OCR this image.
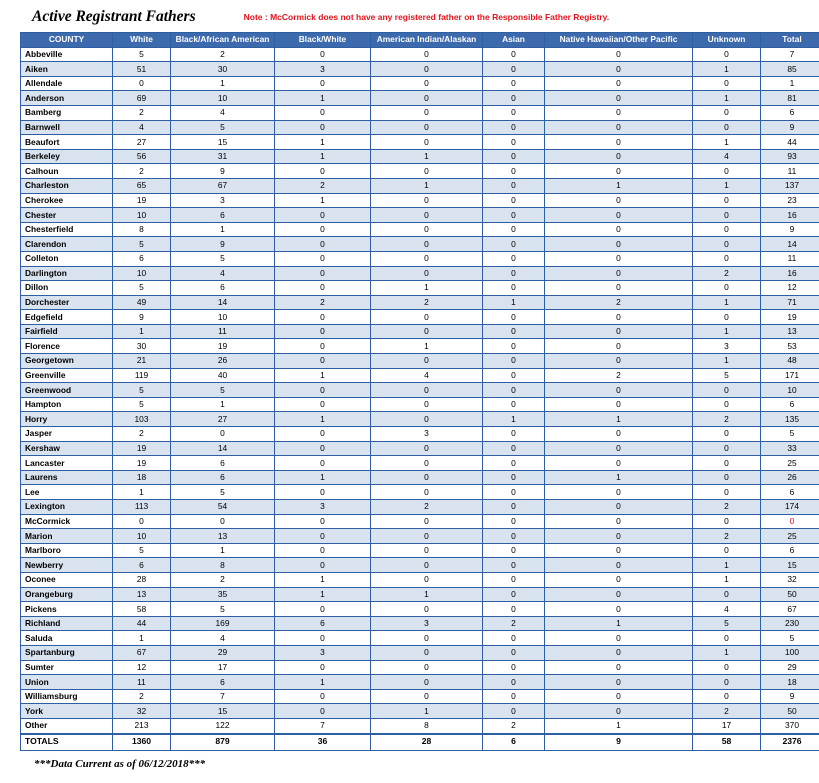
Active Registrant Fathers	Note : McCormick does not have any registered father on the Responsible Father Registry.
COUNTY	White	Black/African American	Black/White	American Indian/Alaskan	Asian	Native Hawaiian/Other Pacific	Unknown	Total
Abbeville	5	2	0	0	0	0	0	7
Aiken	51	30	3	0	0	0	1	85
Allendale	0	1	0	0	0	0	0	1
Anderson	69	10	1	0	0	0	1	81
Bamberg	2	4	0	0	0	0	0	6
Barnwell	4	5	0	0	0	0	0	9
Beaufort	27	15	1	0	0	0	1	44
Berkeley	56	31	1	1	0	0	4	93
Calhoun	2	9	0	0	0	0	0	11
Charleston	65	67	2	1	0	1	1	137
Cherokee	19	3	1	0	0	0	0	23
Chester	10	6	0	0	0	0	0	16
Chesterfield	8	1	0	0	0	0	0	9
Clarendon	5	9	0	0	0	0	0	14
Colleton	6	5	0	0	0	0	0	11
Darlington	10	4	0	0	0	0	2	16
Dillon	5	6	0	1	0	0	0	12
Dorchester	49	14	2	2	1	2	1	71
Edgefield	9	10	0	0	0	0	0	19
Fairfield	1	11	0	0	0	0	1	13
Florence	30	19	0	1	0	0	3	53
Georgetown	21	26	0	0	0	0	1	48
Greenville	119	40	1	4	0	2	5	171
Greenwood	5	5	0	0	0	0	0	10
Hampton	5	1	0	0	0	0	0	6
Horry	103	27	1	0	1	1	2	135
Jasper	2	0	0	3	0	0	0	5
Kershaw	19	14	0	0	0	0	0	33
Lancaster	19	6	0	0	0	0	0	25
Laurens	18	6	1	0	0	1	0	26
Lee	1	5	0	0	0	0	0	6
Lexington	113	54	3	2	0	0	2	174
McCormick	0	0	0	0	0	0	0	0
Marion	10	13	0	0	0	0	2	25
Marlboro	5	1	0	0	0	0	0	6
Newberry	6	8	0	0	0	0	1	15
Oconee	28	2	1	0	0	0	1	32
Orangeburg	13	35	1	1	0	0	0	50
Pickens	58	5	0	0	0	0	4	67
Richland	44	169	6	3	2	1	5	230
Saluda	1	4	0	0	0	0	0	5
Spartanburg	67	29	3	0	0	0	1	100
Sumter	12	17	0	0	0	0	0	29
Union	11	6	1	0	0	0	0	18
Williamsburg	2	7	0	0	0	0	0	9
York	32	15	0	1	0	0	2	50
Other	213	122	7	8	2	1	17	370
TOTALS	1360	879	36	28	6	9	58	2376
***Data Current as of 06/12/2018***
